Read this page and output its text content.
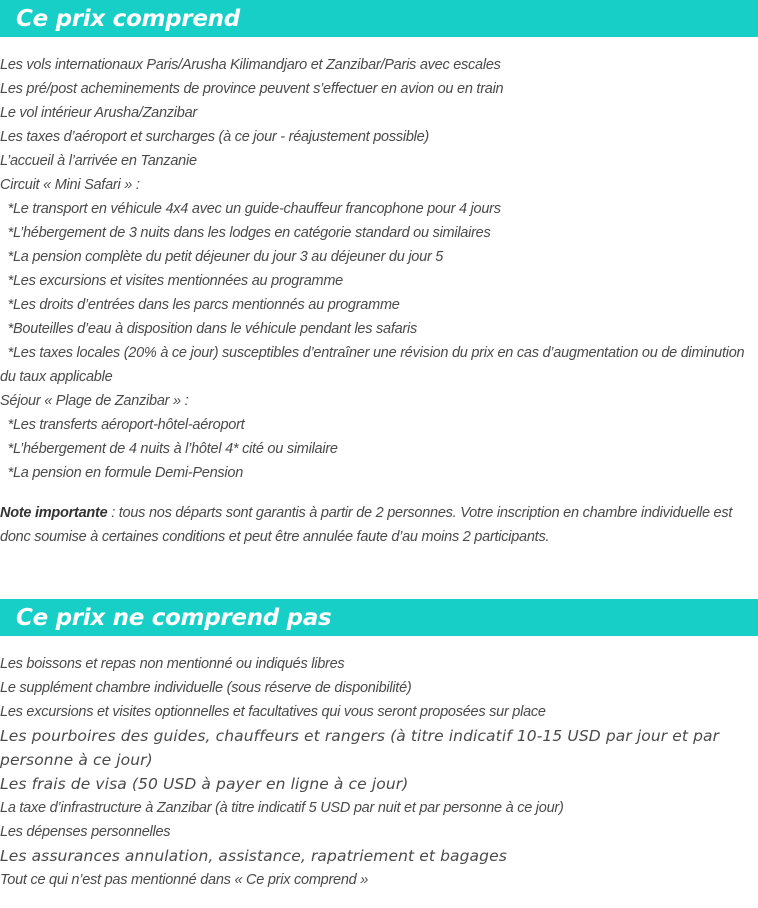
Ce prix comprend
Les vols internationaux Paris/Arusha Kilimandjaro et Zanzibar/Paris avec escales
Les pré/post acheminements de province peuvent s’effectuer en avion ou en train
Le vol intérieur Arusha/Zanzibar
Les taxes d’aéroport et surcharges (à ce jour - réajustement possible)
L’accueil à l’arrivée en Tanzanie
Circuit « Mini Safari » :
*Le transport en véhicule 4x4 avec un guide-chauffeur francophone pour 4 jours
*L’hébergement de 3 nuits dans les lodges en catégorie standard ou similaires
*La pension complète du petit déjeuner du jour 3 au déjeuner du jour 5
*Les excursions et visites mentionnées au programme
*Les droits d’entrées dans les parcs mentionnés au programme
*Bouteilles d’eau à disposition dans le véhicule pendant les safaris
*Les taxes locales (20% à ce jour) susceptibles d’entraîner une révision du prix en cas d’augmentation ou de diminution du taux applicable
Séjour « Plage de Zanzibar » :
*Les transferts aéroport-hôtel-aéroport
*L’hébergement de 4 nuits à l’hôtel 4* cité ou similaire
*La pension en formule Demi-Pension

Note importante : tous nos départs sont garantis à partir de 2 personnes. Votre inscription en chambre individuelle est donc soumise à certaines conditions et peut être annulée faute d’au moins 2 participants.

Ce prix ne comprend pas
Les boissons et repas non mentionné ou indiqués libres
Le supplément chambre individuelle (sous réserve de disponibilité)
Les excursions et visites optionnelles et facultatives qui vous seront proposées sur place
Les pourboires des guides, chauffeurs et rangers (à titre indicatif 10-15 USD par jour et par personne à ce jour)
Les frais de visa (50 USD à payer en ligne à ce jour)
La taxe d’infrastructure à Zanzibar (à titre indicatif 5 USD par nuit et par personne à ce jour)
Les dépenses personnelles
Les assurances annulation, assistance, rapatriement et bagages
Tout ce qui n’est pas mentionné dans « Ce prix comprend »
